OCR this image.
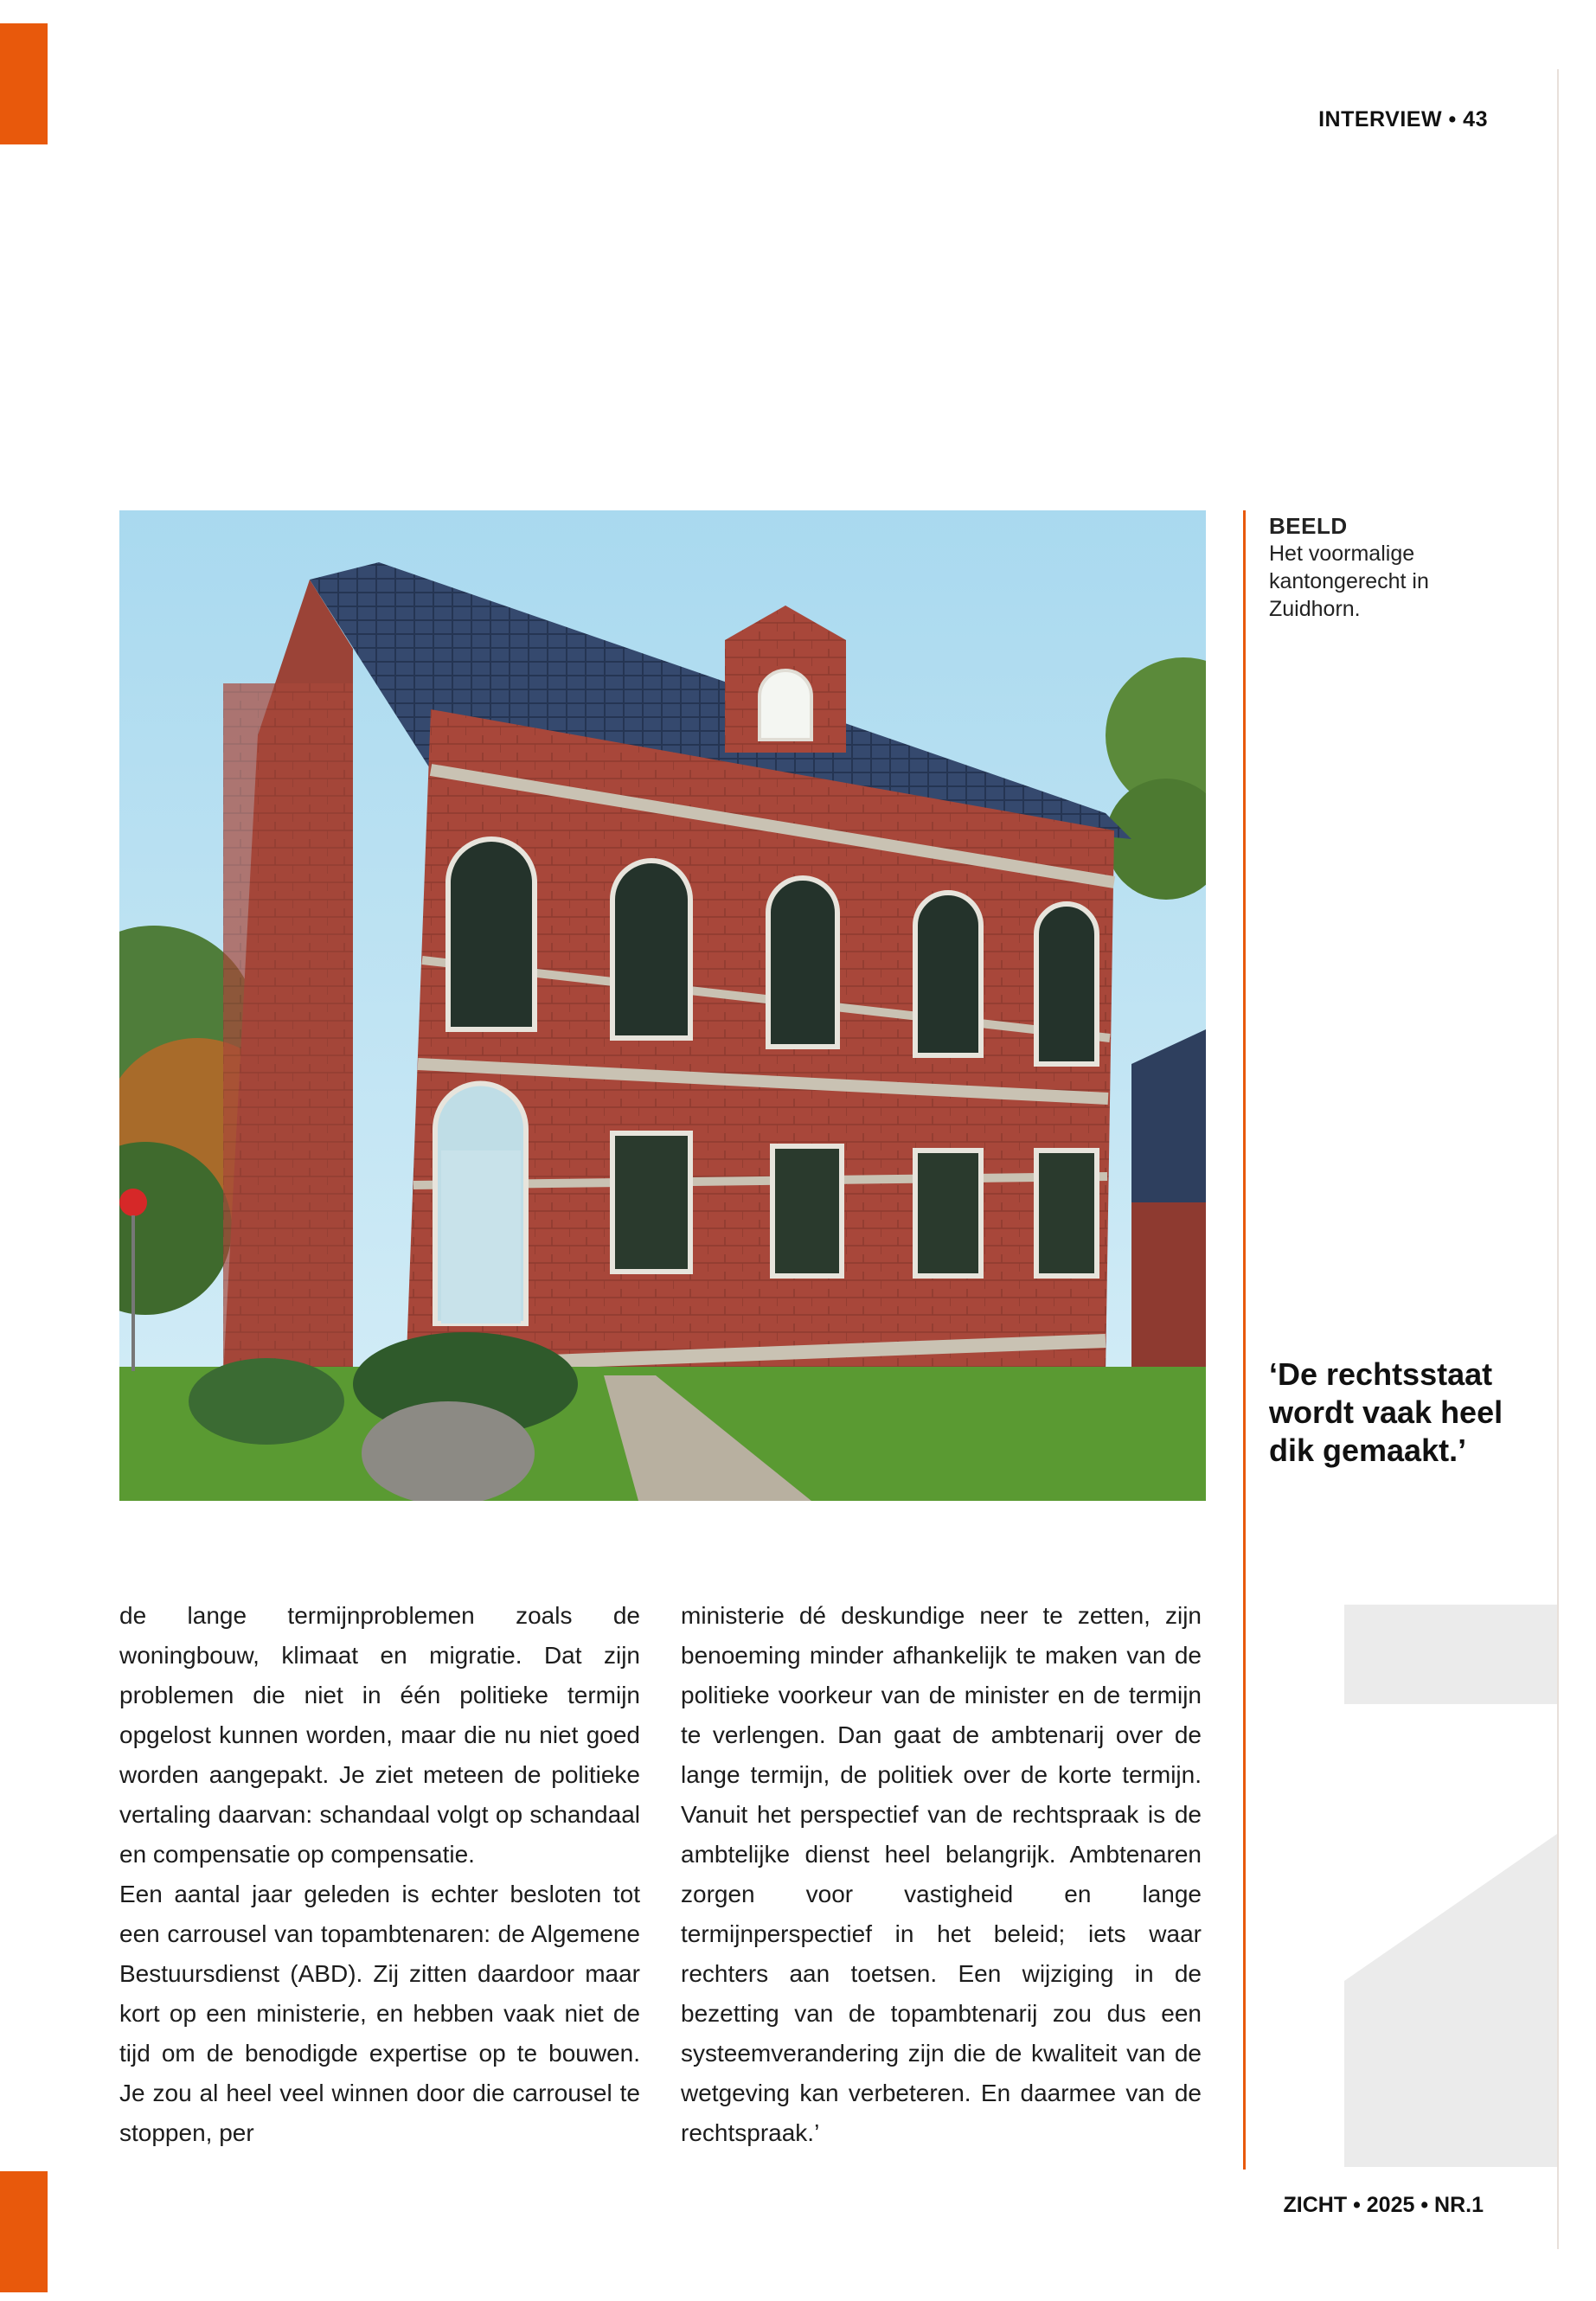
INTERVIEW • 43
BEELD
Het voormalige kantongerecht in Zuidhorn.
‘De rechtsstaat wordt vaak heel dik gemaakt.’

de lange termijnproblemen zoals de woningbouw, klimaat en migratie. Dat zijn problemen die niet in één politieke termijn opgelost kunnen worden, maar die nu niet goed worden aangepakt. Je ziet meteen de politieke vertaling daarvan: schandaal volgt op schandaal en compensatie op compensatie.

Een aantal jaar geleden is echter besloten tot een carrousel van topambtenaren: de Algemene Bestuursdienst (ABD). Zij zitten daardoor maar kort op een ministerie, en hebben vaak niet de tijd om de benodigde expertise op te bouwen. Je zou al heel veel winnen door die carrousel te stoppen, per

ministerie dé deskundige neer te zetten, zijn benoeming minder afhankelijk te maken van de politieke voorkeur van de minister en de termijn te verlengen. Dan gaat de ambtenarij over de lange termijn, de politiek over de korte termijn. Vanuit het perspectief van de rechtspraak is de ambtelijke dienst heel belangrijk. Ambtenaren zorgen voor vastigheid en lange termijnperspectief in het beleid; iets waar rechters aan toetsen. Een wijziging in de bezetting van de topambtenarij zou dus een systeemverandering zijn die de kwaliteit van de wetgeving kan verbeteren. En daarmee van de rechtspraak.’

ZICHT • 2025 • NR.1
